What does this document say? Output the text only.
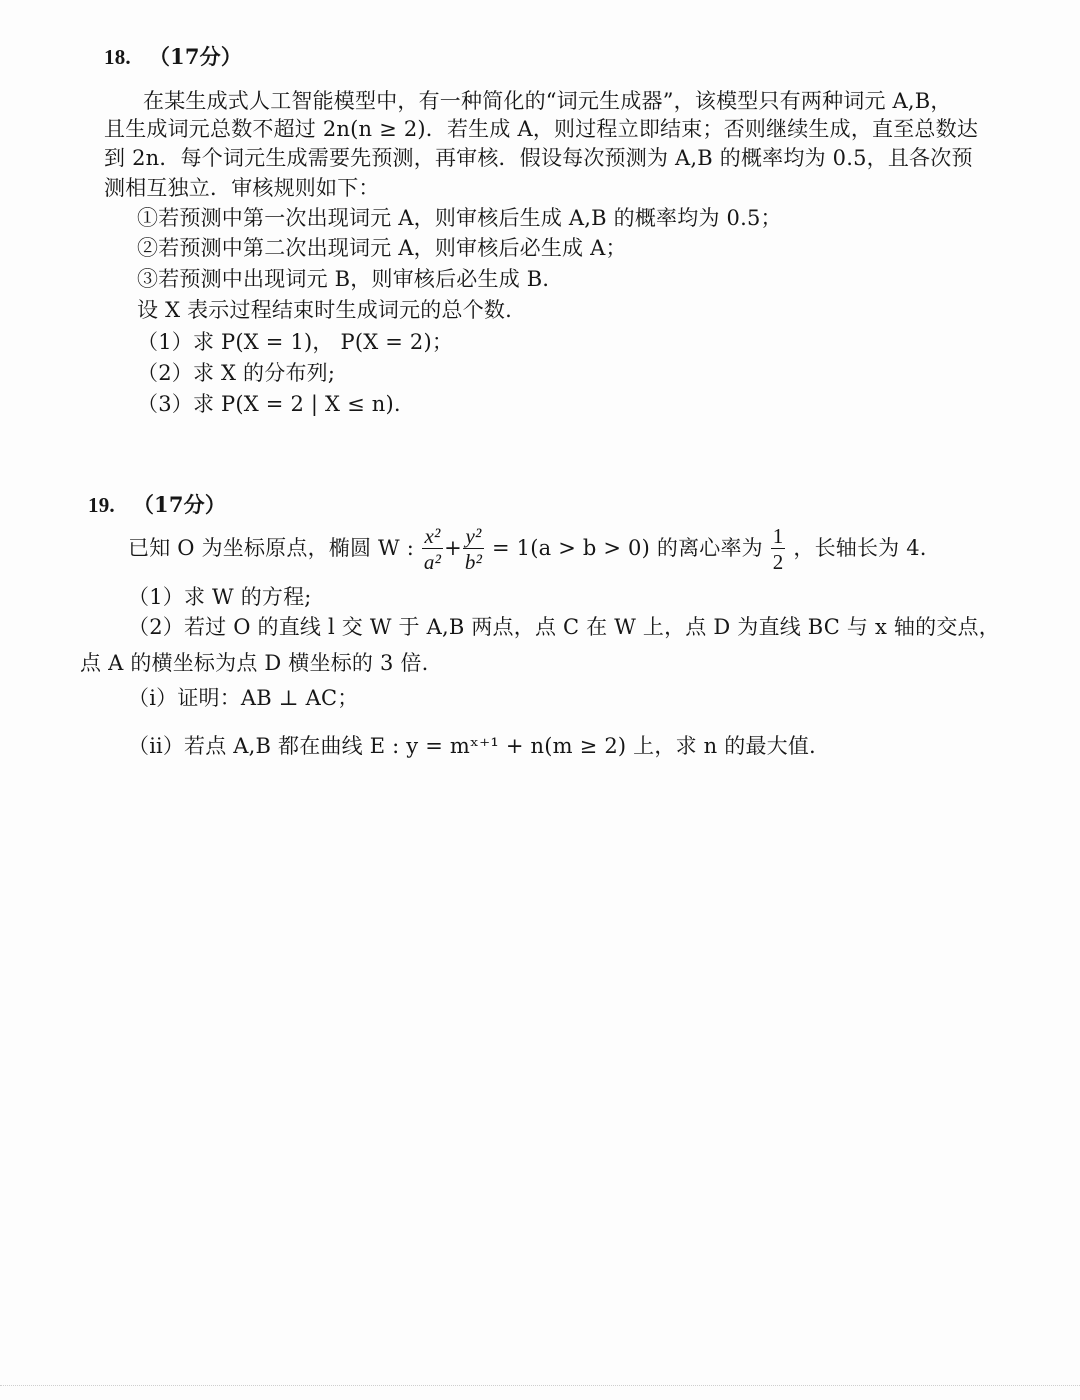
18. （17分）
在某生成式人工智能模型中，有一种简化的“词元生成器”，该模型只有两种词元 A,B，
且生成词元总数不超过 2n(n ≥ 2)．若生成 A，则过程立即结束；否则继续生成，直至总数达
到 2n．每个词元生成需要先预测，再审核．假设每次预测为 A,B 的概率均为 0.5，且各次预
测相互独立．审核规则如下：
①若预测中第一次出现词元 A，则审核后生成 A,B 的概率均为 0.5；
②若预测中第二次出现词元 A，则审核后必生成 A；
③若预测中出现词元 B，则审核后必生成 B．
设 X 表示过程结束时生成词元的总个数.
（1）求 P(X = 1)， P(X = 2)；
（2）求 X 的分布列;
（3）求 P(X = 2 | X ≤ n).
19. （17分）
已知 O 为坐标原点，椭圆 W : $\frac{\text{x²}}{\text{a²}} + \frac{\text{y²}}{\text{b²}} = 1(a > b > 0)$ 的离心率为 $\frac{1}{2}$ ，长轴长为 4.
（1）求 W 的方程;
（2）若过 O 的直线 l 交 W 于 A,B 两点，点 C 在 W 上，点 D 为直线 BC 与 x 轴的交点，
点 A 的横坐标为点 D 横坐标的 3 倍.
（ⅰ）证明：AB ⊥ AC；
（ⅱ）若点 A,B 都在曲线 E : y = mˣ⁺¹ + n(m ≥ 2) 上，求 n 的最大值.
